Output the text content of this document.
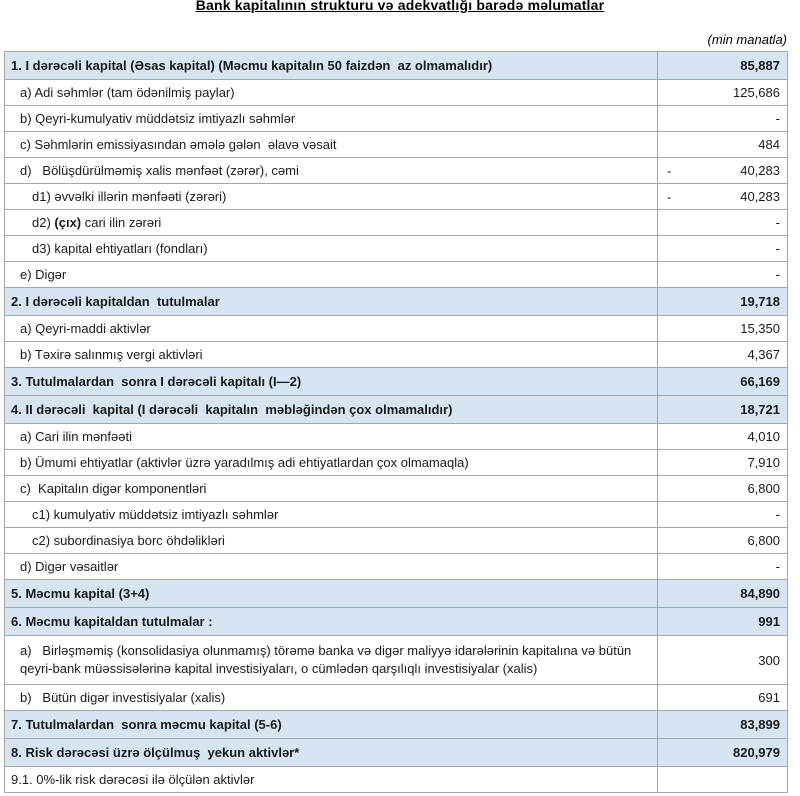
Bank kapitalının strukturu və adekvatlığı barədə məlumatlar
(min manatla)
1. I dərəcəli kapital (Əsas kapital) (Məcmu kapitalın 50 faizdən  az olmamalıdır)	85,887
a) Adi səhmlər (tam ödənilmiş paylar)	125,686
b) Qeyri-kumulyativ müddətsiz imtiyazlı səhmlər	-
c) Səhmlərin emissiyasından əmələ gələn  əlavə vəsait	484
d)   Bölüşdürülməmiş xalis mənfəət (zərər), cəmi	- 40,283
d1) əvvəlki illərin mənfəəti (zərəri)	- 40,283
d2) (çıx) cari ilin zərəri	-
d3) kapital ehtiyatları (fondları)	-
e) Digər	-
2. I dərəcəli kapitaldan  tutulmalar	19,718
a) Qeyri-maddi aktivlər	15,350
b) Təxirə salınmış vergi aktivləri	4,367
3. Tutulmalardan  sonra I dərəcəli kapitalı (I—2)	66,169
4. II dərəcəli  kapital (I dərəcəli  kapitalın  məbləğindən çox olmamalıdır)	18,721
a) Cari ilin mənfəəti	4,010
b) Ümumi ehtiyatlar (aktivlər üzrə yaradılmış adi ehtiyatlardan çox olmamaqla)	7,910
c)  Kapitalın digər komponentləri	6,800
c1) kumulyativ müddətsiz imtiyazlı səhmlər	-
c2) subordinasiya borc öhdəlikləri	6,800
d) Digər vəsaitlər	-
5. Məcmu kapital (3+4)	84,890
6. Məcmu kapitaldan tutulmalar :	991
a)   Birləşməmiş (konsolidasiya olunmamış) törəmə banka və digər maliyyə idarələrinin kapitalına və bütün qeyri-bank müəssisələrinə kapital investisiyaları, o cümlədən qarşılıqlı investisiyalar (xalis)	300
b)   Bütün digər investisiyalar (xalis)	691
7. Tutulmalardan  sonra məcmu kapital (5-6)	83,899
8. Risk dərəcəsi üzrə ölçülmuş  yekun aktivlər*	820,979
9.1. 0%-lik risk dərəcəsi ilə ölçülən aktivlər	
